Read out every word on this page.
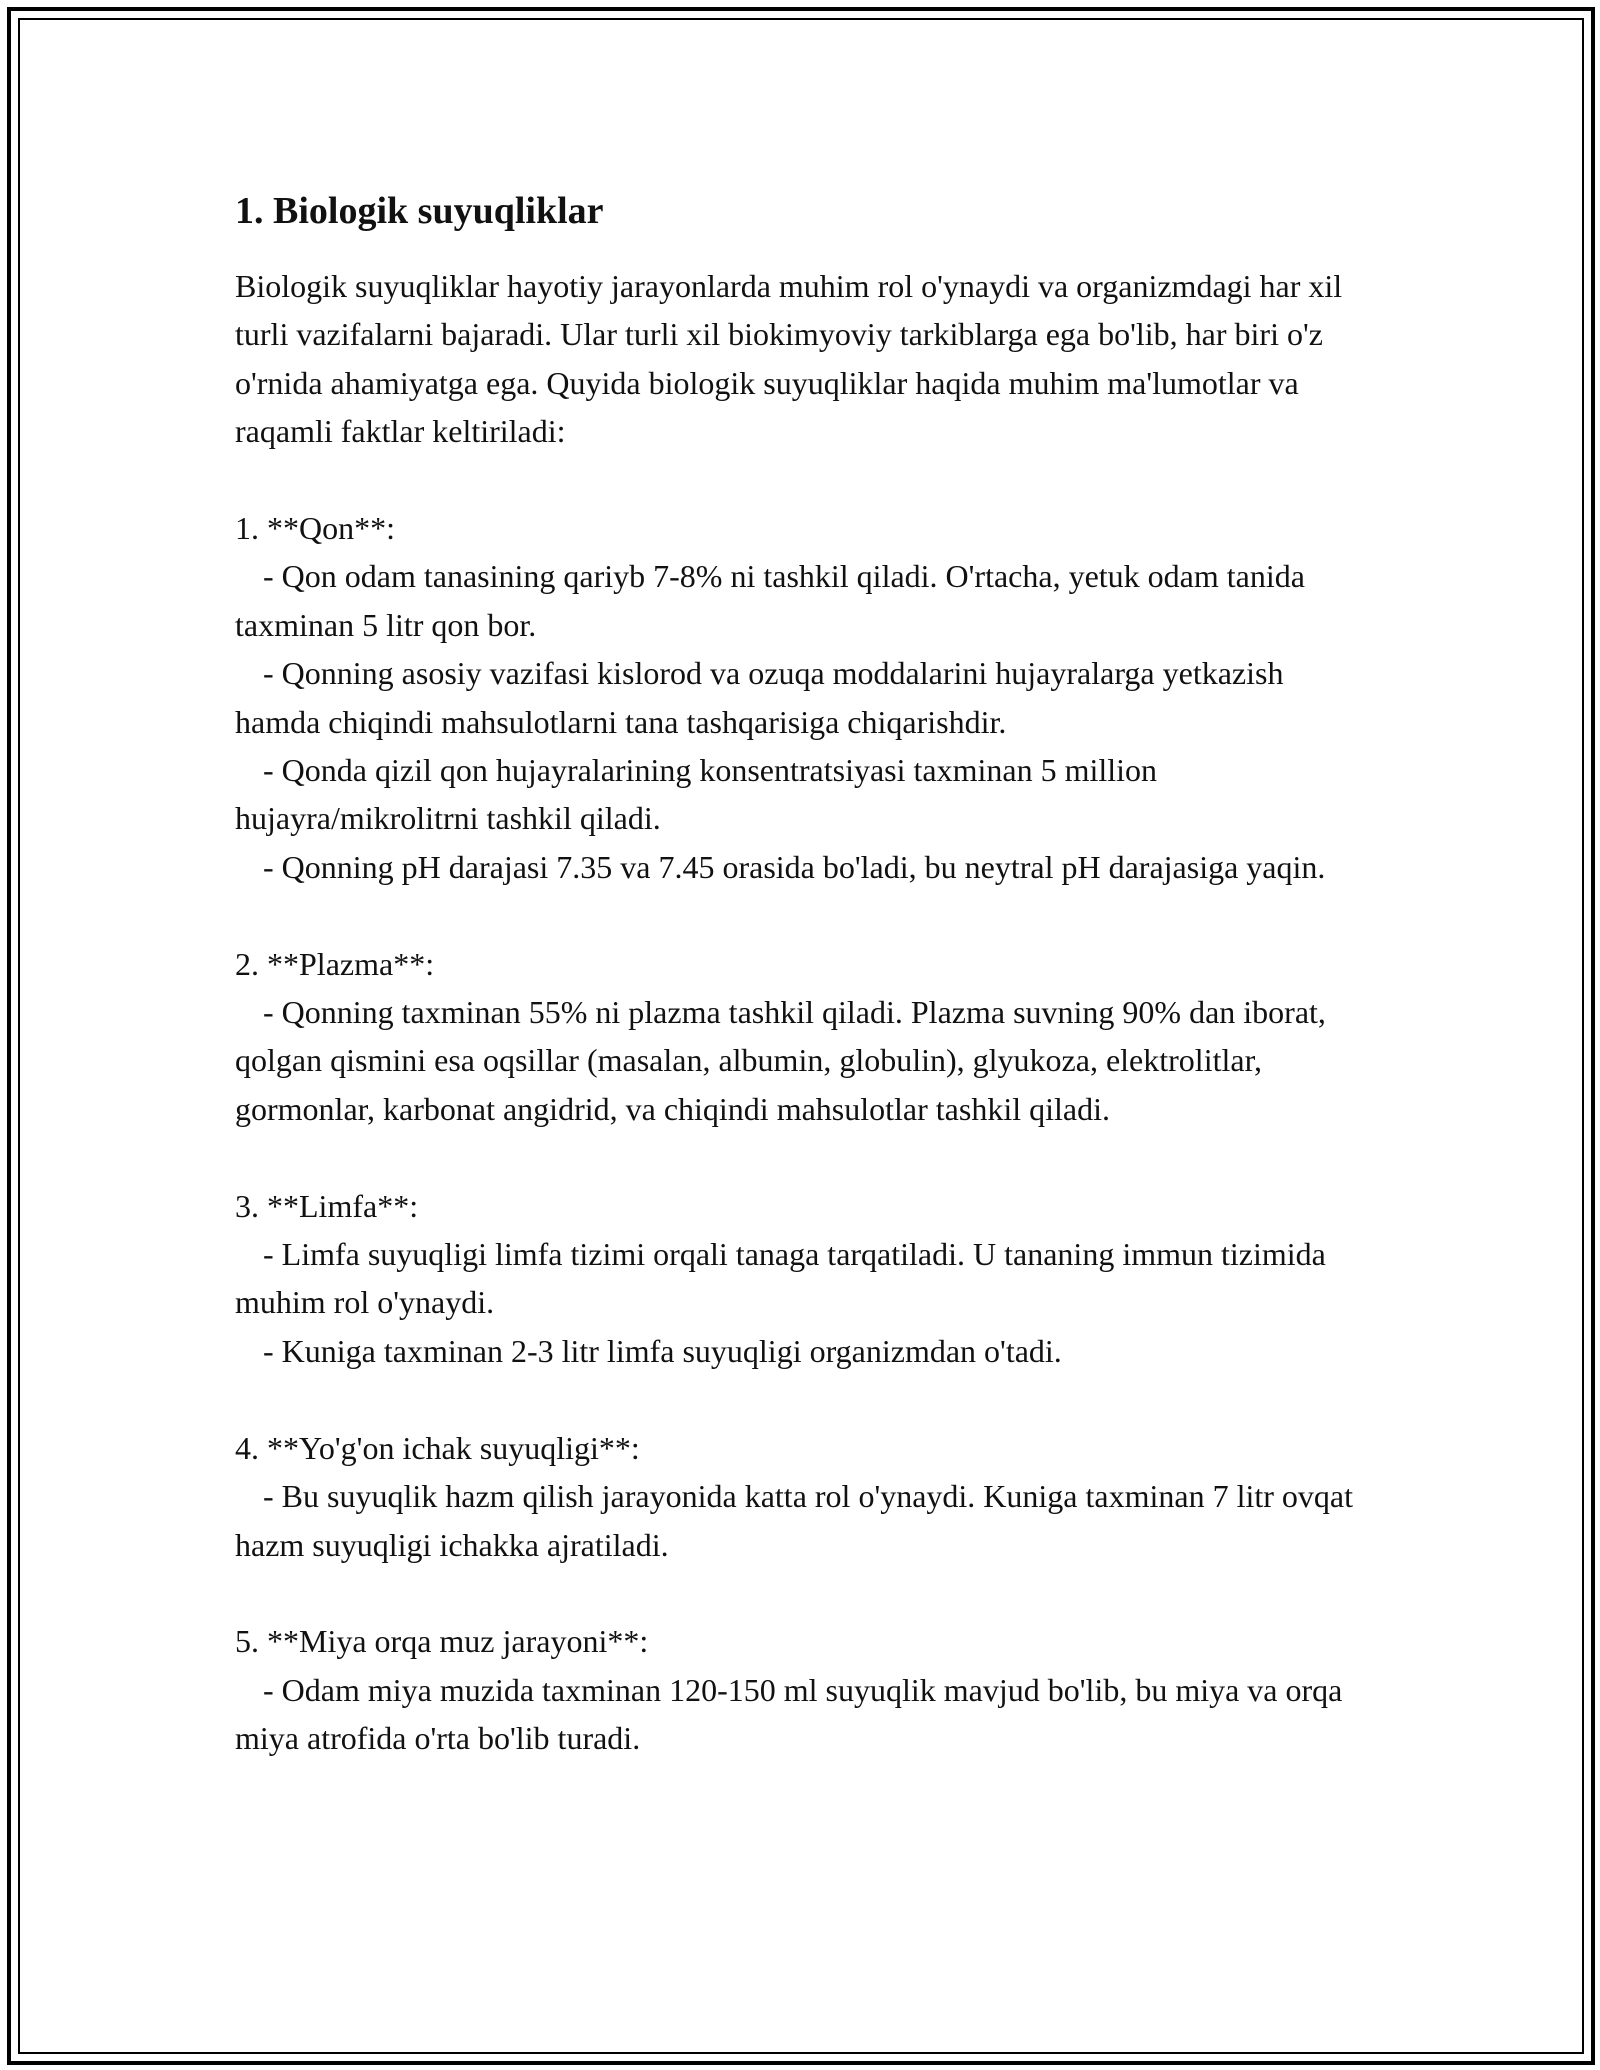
1. Biologik suyuqliklar

Biologik suyuqliklar hayotiy jarayonlarda muhim rol o'ynaydi va organizmdagi har xil turli vazifalarni bajaradi. Ular turli xil biokimyoviy tarkiblarga ega bo'lib, har biri o'z o'rnida ahamiyatga ega. Quyida biologik suyuqliklar haqida muhim ma'lumotlar va raqamli faktlar keltiriladi:

1. **Qon**:

- Qon odam tanasining qariyb 7-8% ni tashkil qiladi. O'rtacha, yetuk odam tanida taxminan 5 litr qon bor.

- Qonning asosiy vazifasi kislorod va ozuqa moddalarini hujayralarga yetkazish hamda chiqindi mahsulotlarni tana tashqarisiga chiqarishdir.

- Qonda qizil qon hujayralarining konsentratsiyasi taxminan 5 million hujayra/mikrolitrni tashkil qiladi.

- Qonning pH darajasi 7.35 va 7.45 orasida bo'ladi, bu neytral pH darajasiga yaqin.

2. **Plazma**:

- Qonning taxminan 55% ni plazma tashkil qiladi. Plazma suvning 90% dan iborat, qolgan qismini esa oqsillar (masalan, albumin, globulin), glyukoza, elektrolitlar, gormonlar, karbonat angidrid, va chiqindi mahsulotlar tashkil qiladi.

3. **Limfa**:

- Limfa suyuqligi limfa tizimi orqali tanaga tarqatiladi. U tananing immun tizimida muhim rol o'ynaydi.

- Kuniga taxminan 2-3 litr limfa suyuqligi organizmdan o'tadi.

4. **Yo'g'on ichak suyuqligi**:

- Bu suyuqlik hazm qilish jarayonida katta rol o'ynaydi. Kuniga taxminan 7 litr ovqat hazm suyuqligi ichakka ajratiladi.

5. **Miya orqa muz jarayoni**:

- Odam miya muzida taxminan 120-150 ml suyuqlik mavjud bo'lib, bu miya va orqa miya atrofida o'rta bo'lib turadi.
